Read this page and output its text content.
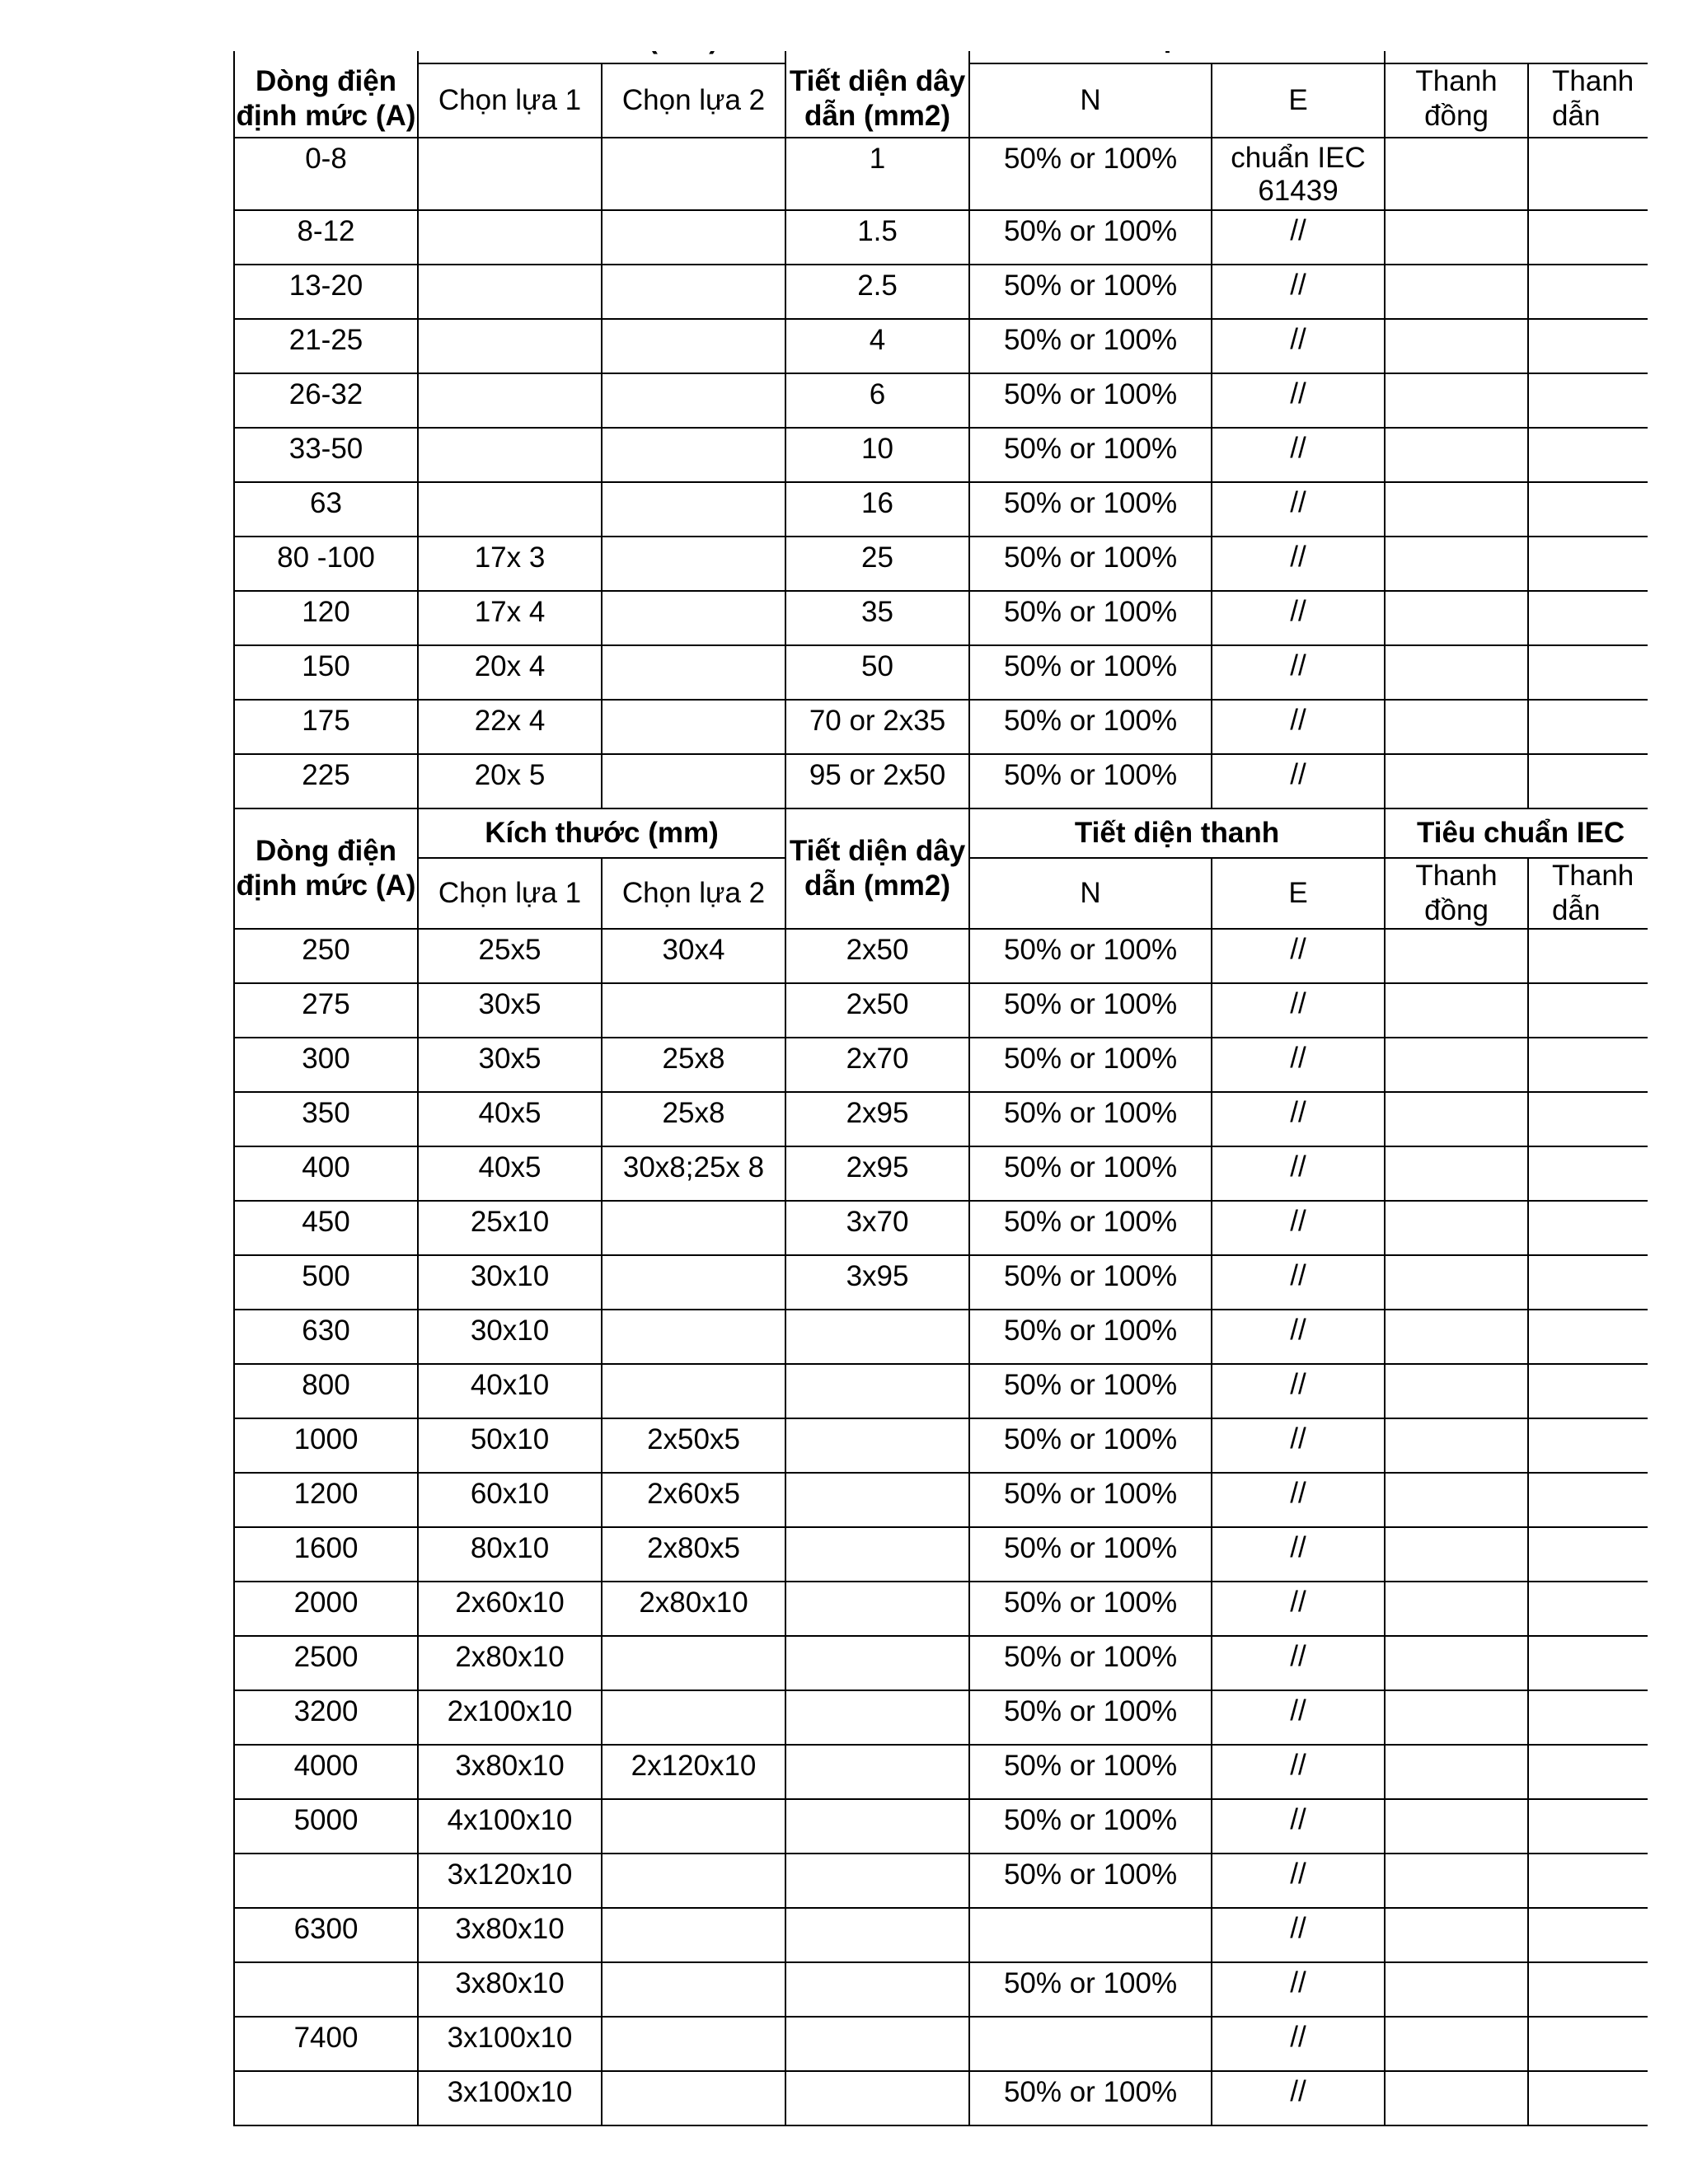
Dòng điện định mức (A)			Tiết diện dây dẫn (mm2)

	Chọn lựa 1	Chọn lựa 2		N	E	Thanh đồng	Thanh dẫn
0-8			1	50% or 100%	chuẩn IEC 61439		
8-12			1.5	50% or 100%	//		
13-20			2.5	50% or 100%	//		
21-25			4	50% or 100%	//		
26-32			6	50% or 100%	//		
33-50			10	50% or 100%	//		
63			16	50% or 100%	//		
80 -100	17x 3		25	50% or 100%	//		
120	17x 4		35	50% or 100%	//		
150	20x 4		50	50% or 100%	//		
175	22x 4		70 or 2x35	50% or 100%	//		
225	20x 5		95 or 2x50	50% or 100%	//		
Dòng điện định mức (A)	Kích thước (mm)		Tiết diện dây dẫn (mm2)	Tiết diện thanh		Tiêu chuẩn IEC	
	Chọn lựa 1	Chọn lựa 2		N	E	Thanh đồng	Thanh dẫn
250	25x5	30x4	2x50	50% or 100%	//		
275	30x5		2x50	50% or 100%	//		
300	30x5	25x8	2x70	50% or 100%	//		
350	40x5	25x8	2x95	50% or 100%	//		
400	40x5	30x8;25x 8	2x95	50% or 100%	//		
450	25x10		3x70	50% or 100%	//		
500	30x10		3x95	50% or 100%	//		
630	30x10			50% or 100%	//		
800	40x10			50% or 100%	//		
1000	50x10	2x50x5		50% or 100%	//		
1200	60x10	2x60x5		50% or 100%	//		
1600	80x10	2x80x5		50% or 100%	//		
2000	2x60x10	2x80x10		50% or 100%	//		
2500	2x80x10			50% or 100%	//		
3200	2x100x10			50% or 100%	//		
4000	3x80x10	2x120x10		50% or 100%	//		
5000	4x100x10			50% or 100%	//		
	3x120x10			50% or 100%	//		
6300	3x80x10				//		
	3x80x10			50% or 100%	//		
7400	3x100x10				//		
	3x100x10			50% or 100%	//		
